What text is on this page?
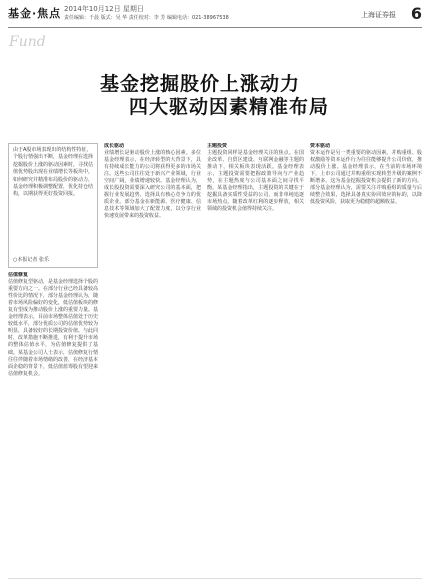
基金·焦点 2014年10月12日 星期日
责任编辑：千晨 版式：吴 华 责任校对：李 芳 编辑电话：021-38967538	上海证券报 6
Fund
基金挖掘股价上涨动力
四大驱动因素精准布局
由于A股市场表现出的结构性特征，个股行情强出不断，基金经理在选择挖掘股价上涨的驱动因素时，寻找估值优势股出现在业绩增长等板块中，如何研究并精准布局股价的驱动力，基金经理积极调整配置，优化持仓结构，以期获得更好投资回报。
○本报记者 张乐
估值修复
估值修复型驱动，是基金经理选择个股的重要方向之一。在部分行业已经具备较高性价比的情况下，部分基金经理认为，随着市场风险偏好的变化，低估值板块的修复有望成为推动股价上涨的重要力量。基金经理表示，目前市场整体估值处于历史较低水平，部分优质公司的估值优势较为明显，具备较好的长期投资价值。与此同时，改革措施不断推进，有利于提升市场的整体估值水平，为估值修复提供了基础。某基金公司人士表示，估值修复行情往往伴随着市场情绪的改善，在经济基本面企稳的背景下，低估值蓝筹股有望迎来估值修复机会。
成长驱动
业绩增长是驱动股价上涨的核心因素。多位基金经理表示，在经济转型的大背景下，具有持续成长能力的公司将获得更多的市场关注。这些公司往往处于新兴产业领域，行业空间广阔，业绩增速较快。基金经理认为，成长股投资需要深入研究公司的基本面，把握行业发展趋势，选择具有核心竞争力的优质企业。部分基金在新能源、医疗健康、信息技术等领域加大了配置力度，以分享行业快速发展带来的投资收益。
主题投资
主题投资同样是基金经理关注的焦点。在国企改革、自贸区建设、互联网金融等主题的推动下，相关板块表现活跃。基金经理表示，主题投资需要把握政策导向与产业趋势，在主题热度与公司基本面之间寻找平衡。某基金经理指出，主题投资的关键在于挖掘具备实质性受益的公司，而非单纯追逐市场热点。随着改革红利的逐步释放，相关领域的投资机会值得持续关注。
资本驱动
资本运作是另一类重要的驱动因素。并购重组、股权激励等资本运作行为往往能够提升公司价值，推动股价上涨。基金经理表示，在当前的市场环境下，上市公司通过并购重组实现转型升级的案例不断增多，这为基金挖掘投资机会提供了新的方向。部分基金经理认为，需要关注并购重组的质量与后续整合效果，选择具备真实协同效应的标的，以降低投资风险，获取更为稳健的超额收益。
